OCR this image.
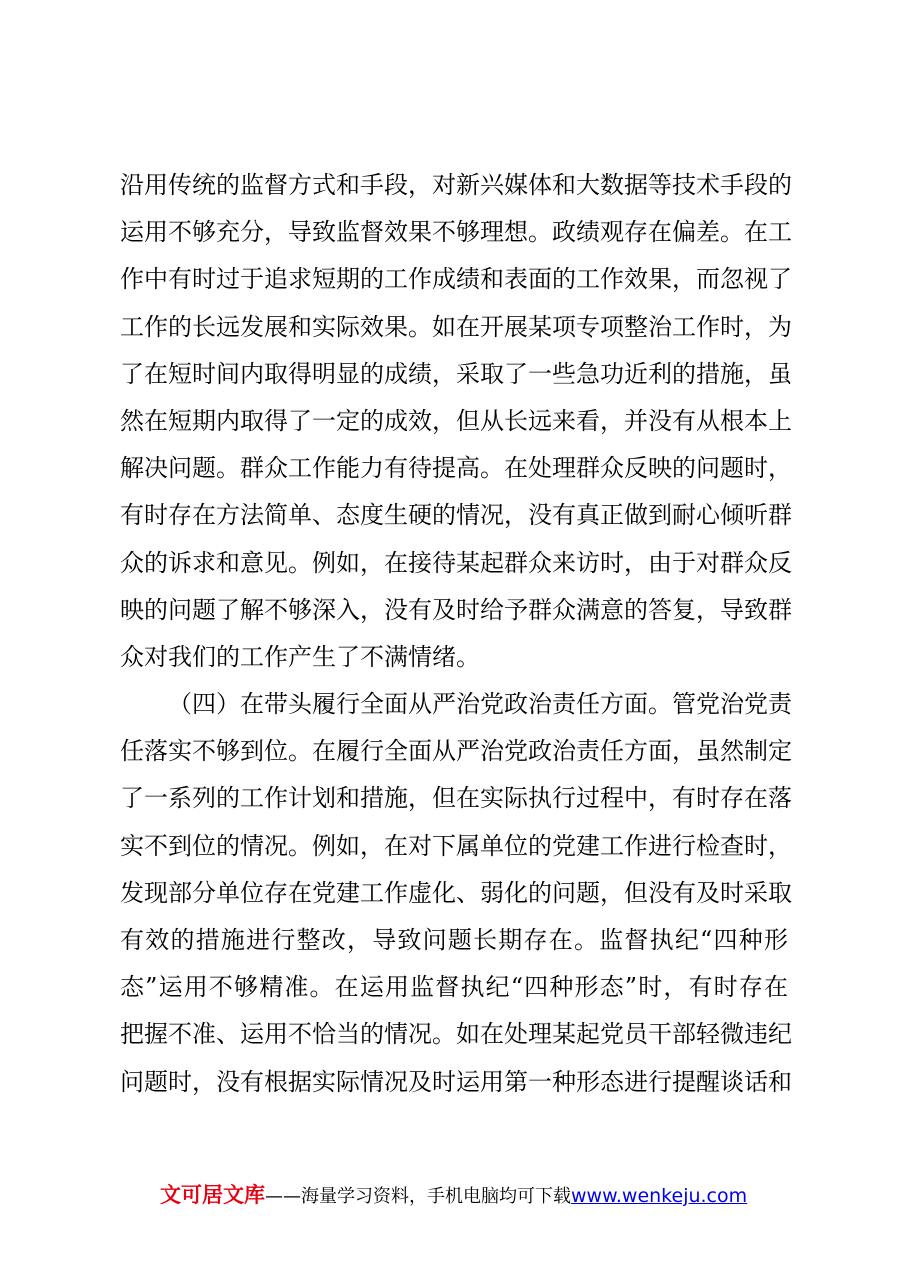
沿用传统的监督方式和手段，对新兴媒体和大数据等技术手段的
运用不够充分，导致监督效果不够理想。政绩观存在偏差。在工
作中有时过于追求短期的工作成绩和表面的工作效果，而忽视了
工作的长远发展和实际效果。如在开展某项专项整治工作时，为
了在短时间内取得明显的成绩，采取了一些急功近利的措施，虽
然在短期内取得了一定的成效，但从长远来看，并没有从根本上
解决问题。群众工作能力有待提高。在处理群众反映的问题时，
有时存在方法简单、态度生硬的情况，没有真正做到耐心倾听群
众的诉求和意见。例如，在接待某起群众来访时，由于对群众反
映的问题了解不够深入，没有及时给予群众满意的答复，导致群
众对我们的工作产生了不满情绪。
（四）在带头履行全面从严治党政治责任方面。管党治党责
任落实不够到位。在履行全面从严治党政治责任方面，虽然制定
了一系列的工作计划和措施，但在实际执行过程中，有时存在落
实不到位的情况。例如，在对下属单位的党建工作进行检查时，
发现部分单位存在党建工作虚化、弱化的问题，但没有及时采取
有效的措施进行整改，导致问题长期存在。监督执纪“四种形
态”运用不够精准。在运用监督执纪“四种形态”时，有时存在
把握不准、运用不恰当的情况。如在处理某起党员干部轻微违纪
问题时，没有根据实际情况及时运用第一种形态进行提醒谈话和
文可居文库——海量学习资料，手机电脑均可下载www.wenkeju.com
